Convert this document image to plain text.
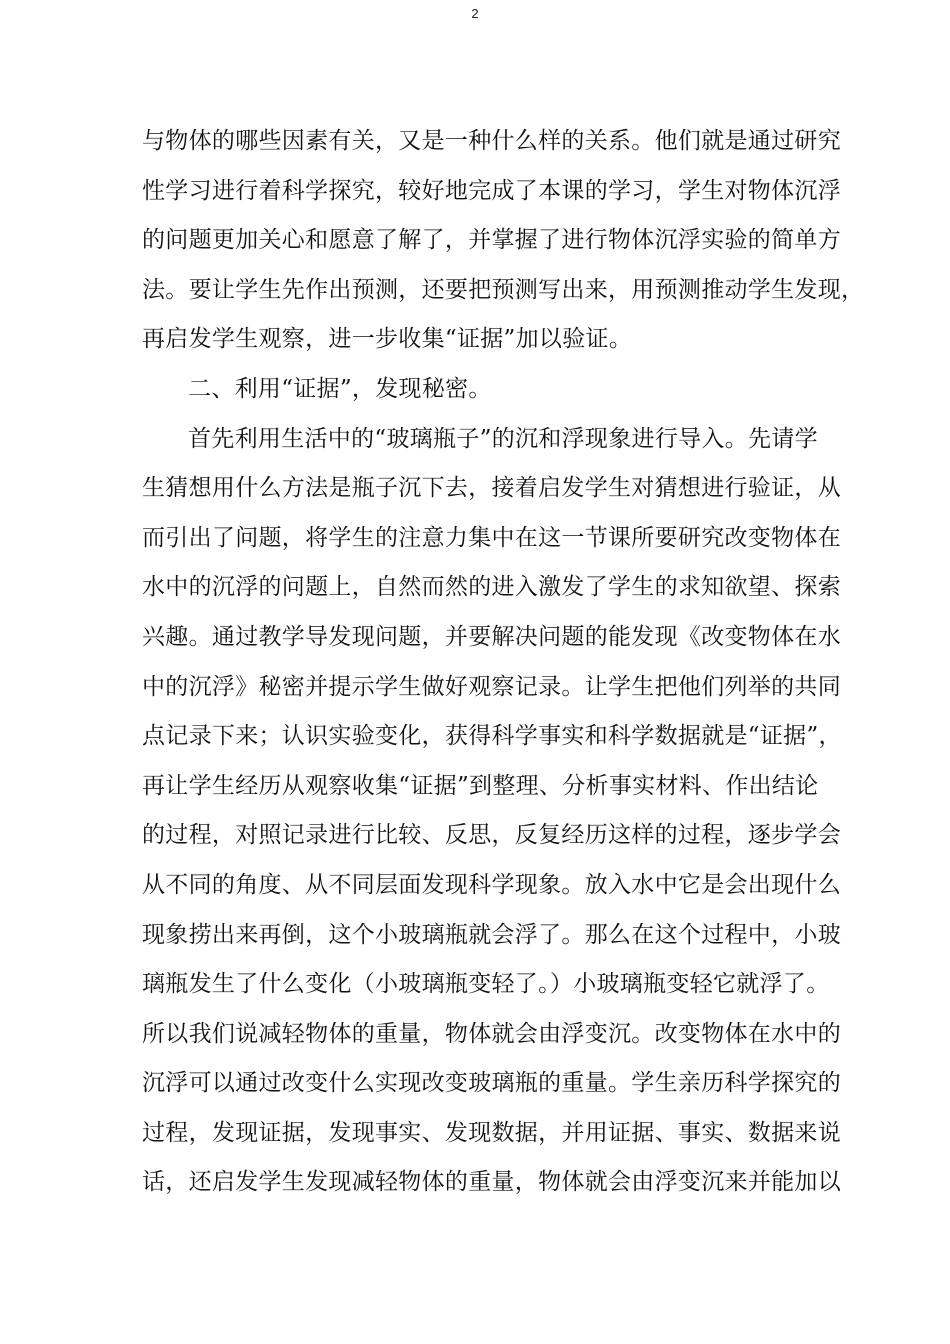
2
与物体的哪些因素有关，又是一种什么样的关系。他们就是通过研究
性学习进行着科学探究，较好地完成了本课的学习，学生对物体沉浮
的问题更加关心和愿意了解了，并掌握了进行物体沉浮实验的简单方
法。要让学生先作出预测，还要把预测写出来，用预测推动学生发现，
再启发学生观察，进一步收集“证据”加以验证。
二、利用“证据”，发现秘密。
首先利用生活中的“玻璃瓶子”的沉和浮现象进行导入。先请学
生猜想用什么方法是瓶子沉下去，接着启发学生对猜想进行验证，从
而引出了问题，将学生的注意力集中在这一节课所要研究改变物体在
水中的沉浮的问题上，自然而然的进入激发了学生的求知欲望、探索
兴趣。通过教学导发现问题，并要解决问题的能发现《改变物体在水
中的沉浮》秘密并提示学生做好观察记录。让学生把他们列举的共同
点记录下来；认识实验变化，获得科学事实和科学数据就是“证据”，
再让学生经历从观察收集“证据”到整理、分析事实材料、作出结论
的过程，对照记录进行比较、反思，反复经历这样的过程，逐步学会
从不同的角度、从不同层面发现科学现象。放入水中它是会出现什么
现象捞出来再倒，这个小玻璃瓶就会浮了。那么在这个过程中，小玻
璃瓶发生了什么变化（小玻璃瓶变轻了。）小玻璃瓶变轻它就浮了。
所以我们说减轻物体的重量，物体就会由浮变沉。改变物体在水中的
沉浮可以通过改变什么实现改变玻璃瓶的重量。学生亲历科学探究的
过程，发现证据，发现事实、发现数据，并用证据、事实、数据来说
话，还启发学生发现减轻物体的重量，物体就会由浮变沉来并能加以
